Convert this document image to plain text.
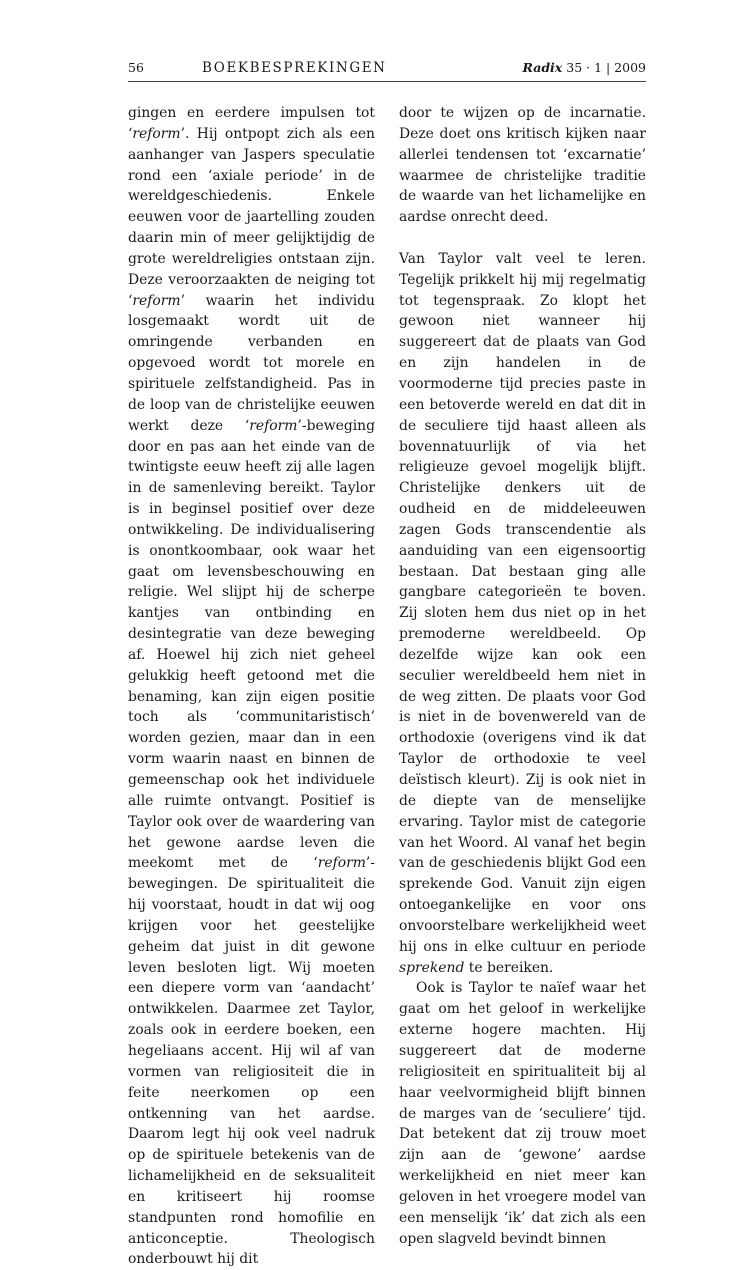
56	BOEKBESPREKINGEN	Radix 35 · 1 | 2009

gingen en eerdere impulsen tot ‘reform’. Hij ontpopt zich als een aanhanger van Jaspers speculatie rond een ‘axiale periode’ in de wereldgeschiedenis. Enkele eeuwen voor de jaartelling zouden daarin min of meer gelijktijdig de grote wereldreligies ontstaan zijn. Deze veroorzaakten de neiging tot ‘reform’ waarin het individu losgemaakt wordt uit de omringende verbanden en opgevoed wordt tot morele en spirituele zelfstandigheid. Pas in de loop van de christelijke eeuwen werkt deze ‘reform’-beweging door en pas aan het einde van de twintigste eeuw heeft zij alle lagen in de samenleving bereikt. Taylor is in beginsel positief over deze ontwikkeling. De individualisering is onontkoombaar, ook waar het gaat om levensbeschouwing en religie. Wel slijpt hij de scherpe kantjes van ontbinding en desintegratie van deze beweging af. Hoewel hij zich niet geheel gelukkig heeft getoond met die benaming, kan zijn eigen positie toch als ‘communitaristisch’ worden gezien, maar dan in een vorm waarin naast en binnen de gemeenschap ook het individuele alle ruimte ontvangt. Positief is Taylor ook over de waardering van het gewone aardse leven die meekomt met de ‘reform’-bewegingen. De spiritualiteit die hij voorstaat, houdt in dat wij oog krijgen voor het geestelijke geheim dat juist in dit gewone leven besloten ligt. Wij moeten een diepere vorm van ‘aandacht’ ontwikkelen. Daarmee zet Taylor, zoals ook in eerdere boeken, een hegeliaans accent. Hij wil af van vormen van religiositeit die in feite neerkomen op een ontkenning van het aardse. Daarom legt hij ook veel nadruk op de spirituele betekenis van de lichamelijkheid en de seksualiteit en kritiseert hij roomse standpunten rond homofilie en anticonceptie. Theologisch onderbouwt hij dit

door te wijzen op de incarnatie. Deze doet ons kritisch kijken naar allerlei tendensen tot ‘excarnatie’ waarmee de christelijke traditie de waarde van het lichamelijke en aardse onrecht deed.

Van Taylor valt veel te leren. Tegelijk prikkelt hij mij regelmatig tot tegenspraak. Zo klopt het gewoon niet wanneer hij suggereert dat de plaats van God en zijn handelen in de voormoderne tijd precies paste in een betoverde wereld en dat dit in de seculiere tijd haast alleen als bovennatuurlijk of via het religieuze gevoel mogelijk blijft. Christelijke denkers uit de oudheid en de middeleeuwen zagen Gods transcendentie als aanduiding van een eigensoortig bestaan. Dat bestaan ging alle gangbare categorieën te boven. Zij sloten hem dus niet op in het premoderne wereldbeeld. Op dezelfde wijze kan ook een seculier wereldbeeld hem niet in de weg zitten. De plaats voor God is niet in de bovenwereld van de orthodoxie (overigens vind ik dat Taylor de orthodoxie te veel deïstisch kleurt). Zij is ook niet in de diepte van de menselijke ervaring. Taylor mist de categorie van het Woord. Al vanaf het begin van de geschiedenis blijkt God een sprekende God. Vanuit zijn eigen ontoegankelijke en voor ons onvoorstelbare werkelijkheid weet hij ons in elke cultuur en periode sprekend te bereiken.

Ook is Taylor te naïef waar het gaat om het geloof in werkelijke externe hogere machten. Hij suggereert dat de moderne religiositeit en spiritualiteit bij al haar veelvormigheid blijft binnen de marges van de ‘seculiere’ tijd. Dat betekent dat zij trouw moet zijn aan de ‘gewone’ aardse werkelijkheid en niet meer kan geloven in het vroegere model van een menselijk ‘ik’ dat zich als een open slagveld bevindt binnen
